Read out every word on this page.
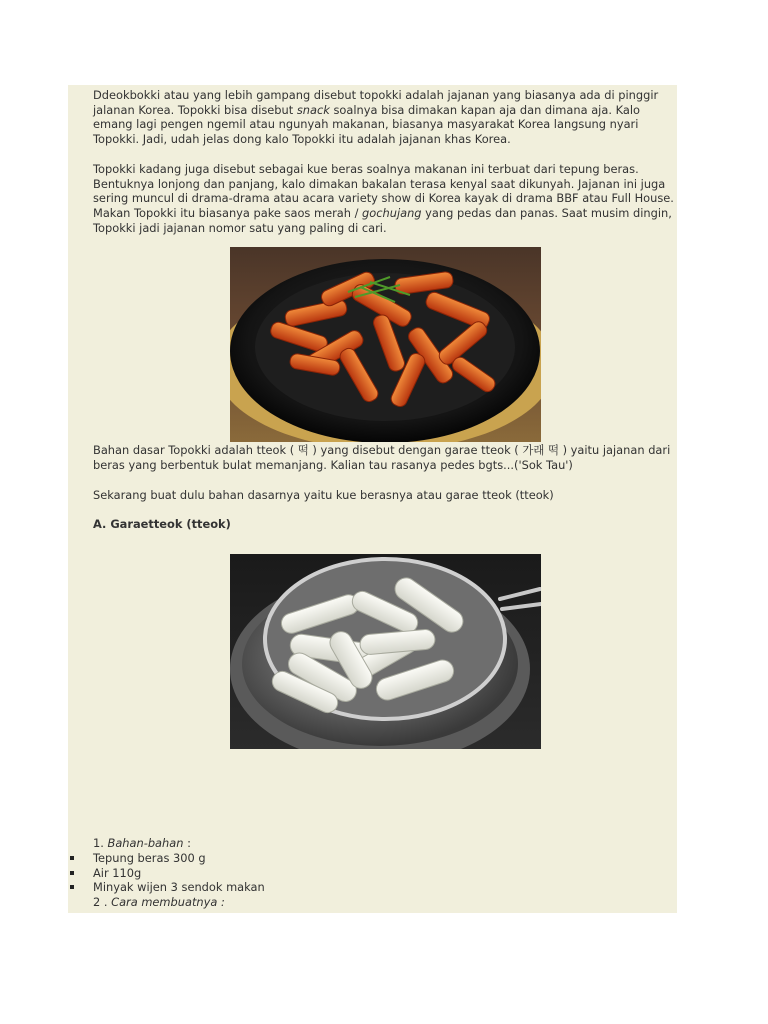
Ddeokbokki atau yang lebih gampang disebut topokki adalah jajanan yang biasanya ada di pinggir jalanan Korea. Topokki bisa disebut snack soalnya bisa dimakan kapan aja dan dimana aja. Kalo emang lagi pengen ngemil atau ngunyah makanan, biasanya masyarakat Korea langsung nyari Topokki. Jadi, udah jelas dong kalo Topokki itu adalah jajanan khas Korea.

Topokki kadang juga disebut sebagai kue beras soalnya makanan ini terbuat dari tepung beras. Bentuknya lonjong dan panjang, kalo dimakan bakalan terasa kenyal saat dikunyah. Jajanan ini juga sering muncul di drama-drama atau acara variety show di Korea kayak di drama BBF atau Full House. Makan Topokki itu biasanya pake saos merah / gochujang yang pedas dan panas. Saat musim dingin, Topokki jadi jajanan nomor satu yang paling di cari.

Bahan dasar Topokki adalah tteok ( 떡 ) yang disebut dengan garae tteok ( 가래 떡 ) yaitu jajanan dari beras yang berbentuk bulat memanjang. Kalian tau rasanya pedes bgts...('Sok Tau')

Sekarang buat dulu bahan dasarnya yaitu kue berasnya atau garae tteok (tteok)

A. Garaetteok (tteok)

1. Bahan-bahan :

Tepung beras 300 g
Air 110g
Minyak wijen 3 sendok makan

2 . Cara membuatnya :
